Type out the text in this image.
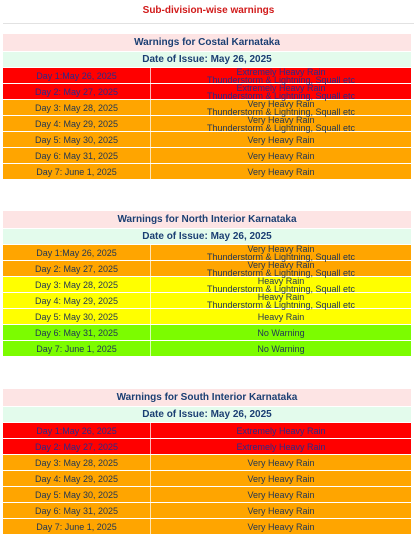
Sub-division-wise warnings
Warnings for Costal Karnataka
Date of Issue: May 26, 2025
Day 1:May 26, 2025	Extremely Heavy Rain
Thunderstorm & Lightning, Squall etc
Day 2: May 27, 2025	Extremely Heavy Rain
Thunderstorm & Lightning, Squall etc
Day 3: May 28, 2025	Very Heavy Rain
Thunderstorm & Lightning, Squall etc
Day 4: May 29, 2025	Very Heavy Rain
Thunderstorm & Lightning, Squall etc
Day 5: May 30, 2025	Very Heavy Rain
Day 6: May 31, 2025	Very Heavy Rain
Day 7: June 1, 2025	Very Heavy Rain
Warnings for North Interior Karnataka
Date of Issue: May 26, 2025
Day 1:May 26, 2025	Very Heavy Rain
Thunderstorm & Lightning, Squall etc
Day 2: May 27, 2025	Very Heavy Rain
Thunderstorm & Lightning, Squall etc
Day 3: May 28, 2025	Heavy Rain
Thunderstorm & Lightning, Squall etc
Day 4: May 29, 2025	Heavy Rain
Thunderstorm & Lightning, Squall etc
Day 5: May 30, 2025	Heavy Rain
Day 6: May 31, 2025	No Warning
Day 7: June 1, 2025	No Warning
Warnings for South Interior Karnataka
Date of Issue: May 26, 2025
Day 1:May 26, 2025	Extremely Heavy Rain
Day 2: May 27, 2025	Extremely Heavy Rain
Day 3: May 28, 2025	Very Heavy Rain
Day 4: May 29, 2025	Very Heavy Rain
Day 5: May 30, 2025	Very Heavy Rain
Day 6: May 31, 2025	Very Heavy Rain
Day 7: June 1, 2025	Very Heavy Rain
